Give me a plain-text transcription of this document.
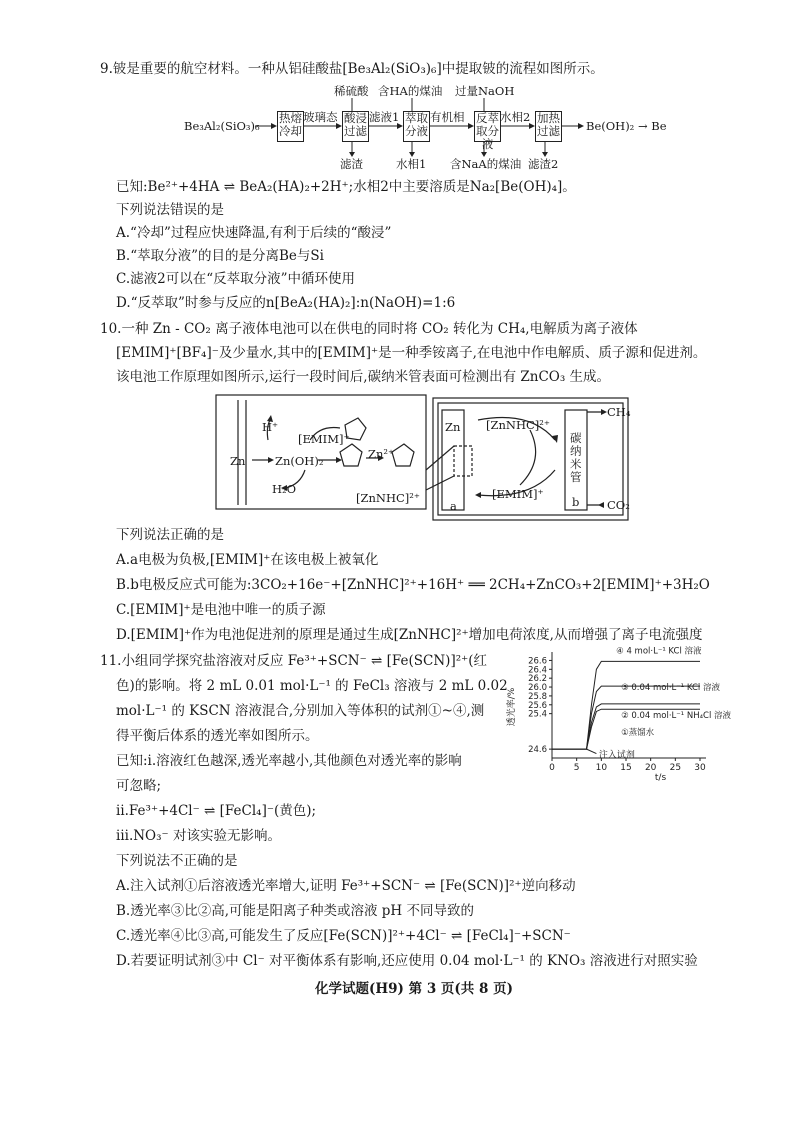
9.铍是重要的航空材料。一种从铝硅酸盐[Be₃Al₂(SiO₃)₆]中提取铍的流程如图所示。
Be₃Al₂(SiO₃)₆
热熔冷却
酸浸过滤
萃取分液
反萃取分液
加热过滤
玻璃态	滤液1	有机相	水相2
稀硫酸 含HA的煤油 过量NaOH
滤渣	水相1 含NaA的煤油 滤渣2
Be(OH)₂ → Be
已知:Be²⁺+4HA ⇌ BeA₂(HA)₂+2H⁺;水相2中主要溶质是Na₂[Be(OH)₄]。
下列说法错误的是
A.“冷却”过程应快速降温,有利于后续的“酸浸”
B.“萃取分液”的目的是分离Be与Si
C.滤液2可以在“反萃取分液”中循环使用
D.“反萃取”时参与反应的n[BeA₂(HA)₂]:n(NaOH)=1:6
10.一种 Zn - CO₂ 离子液体电池可以在供电的同时将 CO₂ 转化为 CH₄,电解质为离子液体
[EMIM]⁺[BF₄]⁻及少量水,其中的[EMIM]⁺是一种季铵离子,在电池中作电解质、质子源和促进剂。
该电池工作原理如图所示,运行一段时间后,碳纳米管表面可检测出有 ZnCO₃ 生成。
H⁺
[EMIM]⁺
Zn	Zn(OH)₂	Zn²⁺
H₂O
[ZnNHC]²⁺
Zn [ZnNHC]²⁺
[EMIM]⁺
碳纳米管
CH₄
CO₂
a	b
下列说法正确的是
A.a电极为负极,[EMIM]⁺在该电极上被氧化
B.b电极反应式可能为:3CO₂+16e⁻+[ZnNHC]²⁺+16H⁺ ══ 2CH₄+ZnCO₃+2[EMIM]⁺+3H₂O
C.[EMIM]⁺是电池中唯一的质子源
D.[EMIM]⁺作为电池促进剂的原理是通过生成[ZnNHC]²⁺增加电荷浓度,从而增强了离子电流强度
11.小组同学探究盐溶液对反应 Fe³⁺+SCN⁻ ⇌ [Fe(SCN)]²⁺(红
色)的影响。将 2 mL 0.01 mol·L⁻¹ 的 FeCl₃ 溶液与 2 mL 0.02
mol·L⁻¹ 的 KSCN 溶液混合,分别加入等体积的试剂①~④,测
得平衡后体系的透光率如图所示。
已知:ⅰ.溶液红色越深,透光率越小,其他颜色对透光率的影响
可忽略;
ⅱ.Fe³⁺+4Cl⁻ ⇌ [FeCl₄]⁻(黄色);
ⅲ.NO₃⁻ 对该实验无影响。
下列说法不正确的是
0 5 10 15 20 25 30
24.6
25.4
25.6
25.8
26.0
26.2
26.4
26.6
t/s
透光率/%
④ 4 mol·L⁻¹ KCl 溶液
③ 0.04 mol·L⁻¹ KCl 溶液
② 0.04 mol·L⁻¹ NH₄Cl 溶液
①蒸馏水
注入试剂
A.注入试剂①后溶液透光率增大,证明 Fe³⁺+SCN⁻ ⇌ [Fe(SCN)]²⁺逆向移动
B.透光率③比②高,可能是阳离子种类或溶液 pH 不同导致的
C.透光率④比③高,可能发生了反应[Fe(SCN)]²⁺+4Cl⁻ ⇌ [FeCl₄]⁻+SCN⁻
D.若要证明试剂③中 Cl⁻ 对平衡体系有影响,还应使用 0.04 mol·L⁻¹ 的 KNO₃ 溶液进行对照实验
化学试题(H9) 第 3 页(共 8 页)
